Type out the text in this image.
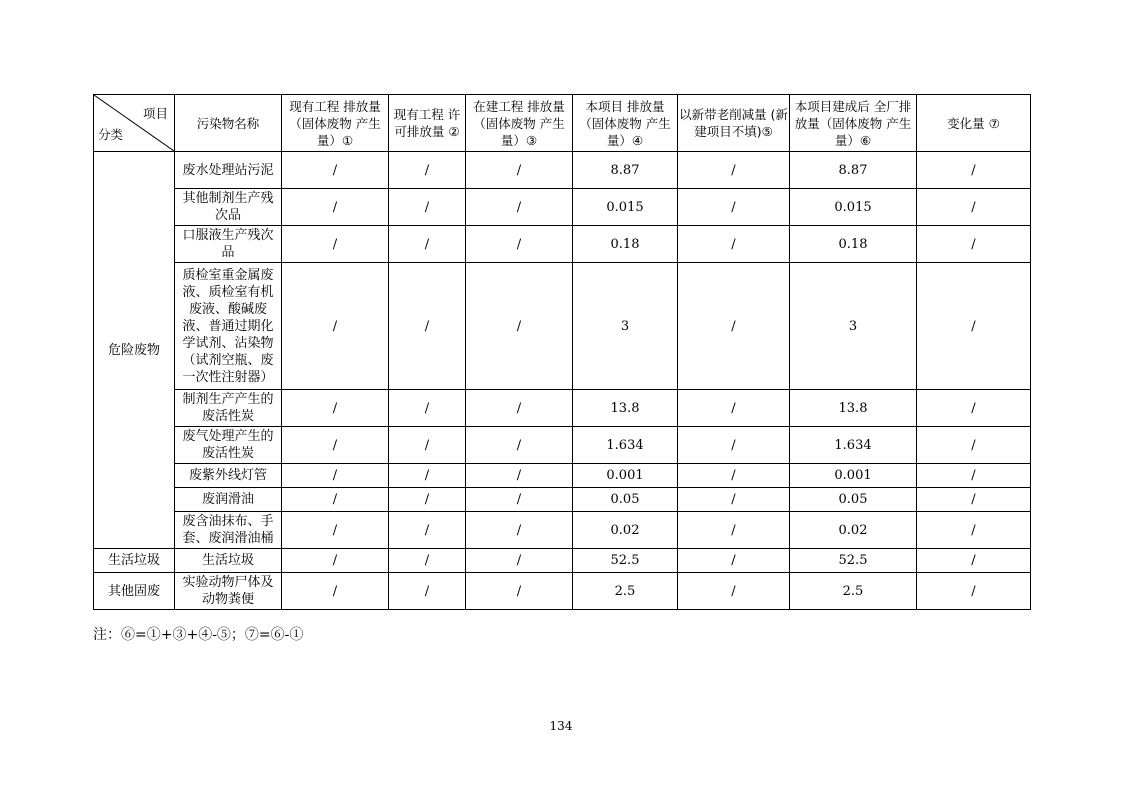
项目
分类	污染物名称	现有工程 排放量（固体废物 产生量）①	现有工程 许可排放量 ②	在建工程 排放量（固体废物 产生量）③	本项目 排放量（固体废物 产生量）④	以新带老削减量 (新建项目不填)⑤	本项目建成后 全厂排放量（固体废物 产生量）⑥	变化量 ⑦
危险废物	废水处理站污泥	/	/	/	8.87	/	8.87	/
	其他制剂生产残次品	/	/	/	0.015	/	0.015	/
	口服液生产残次品	/	/	/	0.18	/	0.18	/
	质检室重金属废液、质检室有机废液、酸碱废液、普通过期化学试剂、沾染物（试剂空瓶、废一次性注射器）	/	/	/	3	/	3	/
	制剂生产产生的废活性炭	/	/	/	13.8	/	13.8	/
	废气处理产生的废活性炭	/	/	/	1.634	/	1.634	/
	废紫外线灯管	/	/	/	0.001	/	0.001	/
	废润滑油	/	/	/	0.05	/	0.05	/
	废含油抹布、手套、废润滑油桶	/	/	/	0.02	/	0.02	/
生活垃圾	生活垃圾	/	/	/	52.5	/	52.5	/
其他固废	实验动物尸体及动物粪便	/	/	/	2.5	/	2.5	/
注：⑥=①+③+④-⑤；⑦=⑥-①
134
